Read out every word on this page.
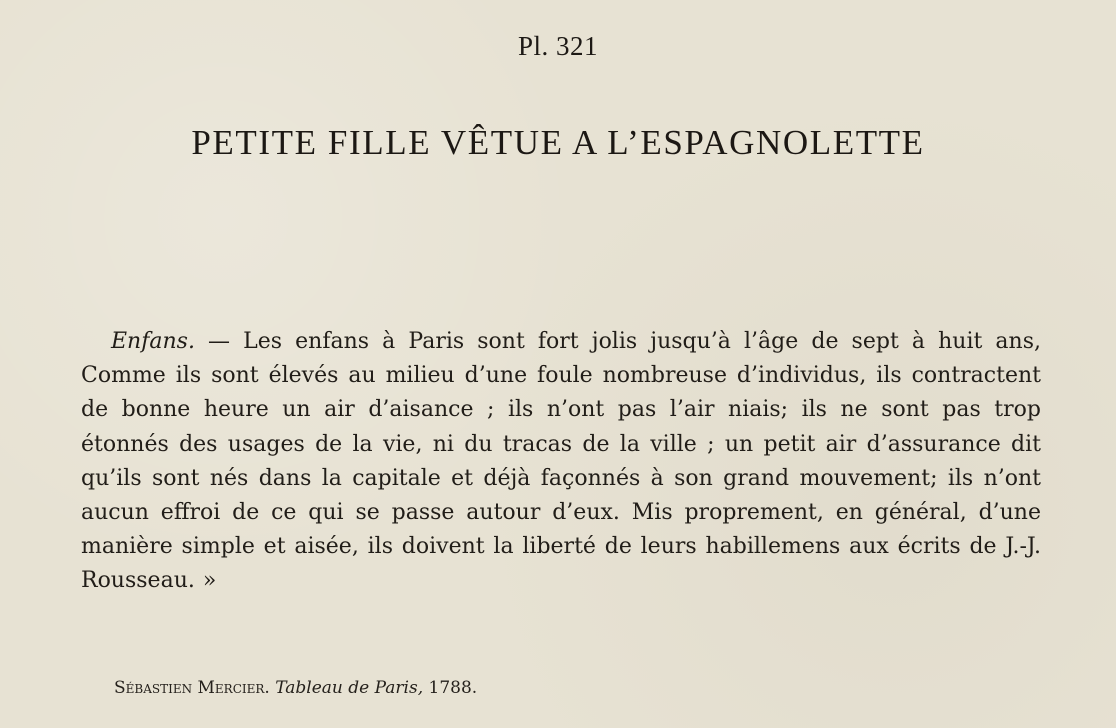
Pl. 321
PETITE FILLE VÊTUE A L’ESPAGNOLETTE

Enfans. — Les enfans à Paris sont fort jolis jusqu’à l’âge de sept à huit ans, Comme ils sont élevés au milieu d’une foule nombreuse d’individus, ils contractent de bonne heure un air d’aisance ; ils n’ont pas l’air niais; ils ne sont pas trop étonnés des usages de la vie, ni du tracas de la ville ; un petit air d’assurance dit qu’ils sont nés dans la capitale et déjà façonnés à son grand mouvement; ils n’ont aucun effroi de ce qui se passe autour d’eux. Mis proprement, en général, d’une manière simple et aisée, ils doivent la liberté de leurs habillemens aux écrits de J.-J. Rousseau. »

Sébastien Mercier. Tableau de Paris, 1788.
